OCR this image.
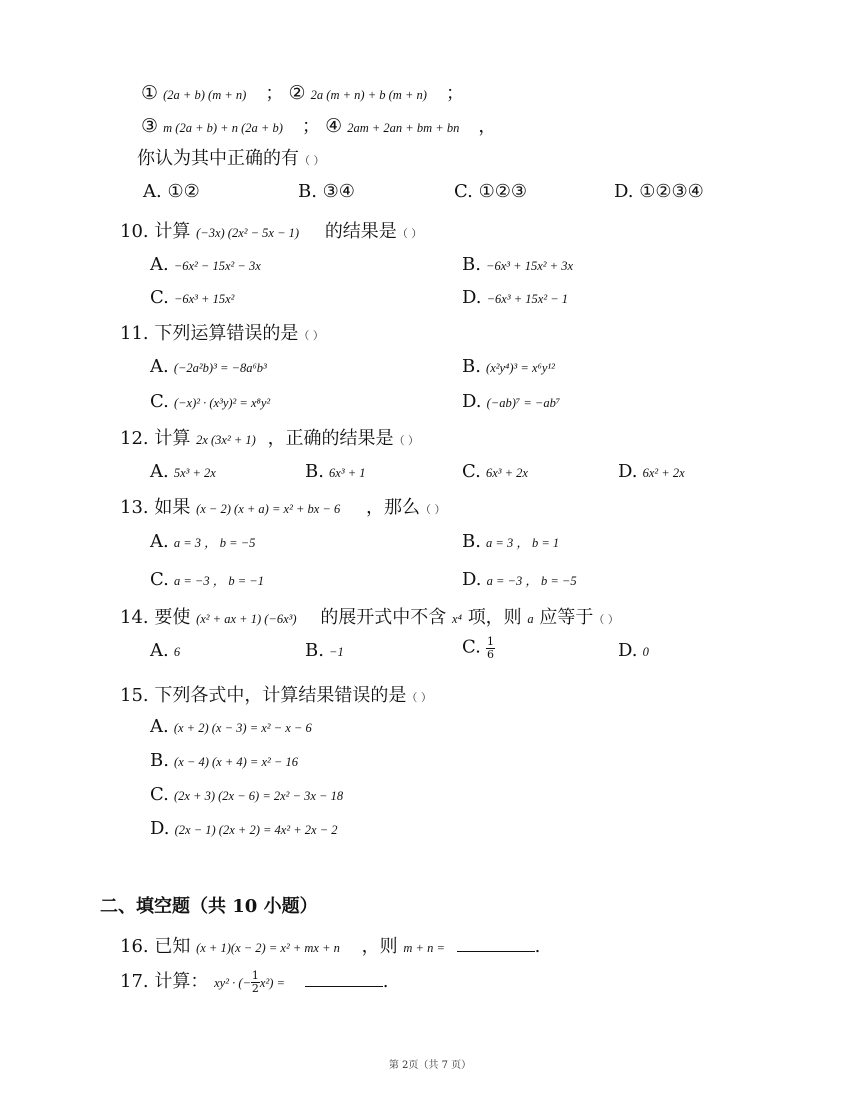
① (2a + b) (m + n) ； ② 2a (m + n) + b (m + n) ；
③ m (2a + b) + n (2a + b) ； ④ 2am + 2an + bm + bn ，
你认为其中正确的有（ ）
A. ①②	B. ③④	C. ①②③	D. ①②③④
10. 计算 (−3x) (2x² − 5x − 1) 的结果是（ ）
A. −6x² − 15x² − 3x	B. −6x³ + 15x² + 3x
C. −6x³ + 15x²	D. −6x³ + 15x² − 1
11. 下列运算错误的是（ ）
A. (−2a²b)³ = −8a⁶b³	B. (x²y⁴)³ = x⁶y¹²
C. (−x)² · (x³y)² = x⁸y²	D. (−ab)⁷ = −ab⁷
12. 计算 2x (3x² + 1) ，正确的结果是（ ）
A. 5x³ + 2x	B. 6x³ + 1	C. 6x³ + 2x	D. 6x² + 2x
13. 如果 (x − 2) (x + a) = x² + bx − 6 ，那么（ ）
A. a = 3 ， b = −5	B. a = 3 ， b = 1
C. a = −3 ， b = −1	D. a = −3 ， b = −5
14. 要使 (x² + ax + 1) (−6x³) 的展开式中不含 x⁴ 项，则 a 应等于（ ）
A. 6	B. −1	C. $\frac{1}{6}$	D. 0
15. 下列各式中，计算结果错误的是（ ）
A. (x + 2) (x − 3) = x² − x − 6
B. (x − 4) (x + 4) = x² − 16
C. (2x + 3) (2x − 6) = 2x² − 3x − 18
D. (2x − 1) (2x + 2) = 4x² + 2x − 2
二、填空题（共 10 小题）
16. 已知 (x + 1)(x − 2) = x² + mx + n ，则 m + n =	.
17. 计算： xy² · (− $\frac{1}{2} x^2$) =	.
第 2页（共 7 页）
